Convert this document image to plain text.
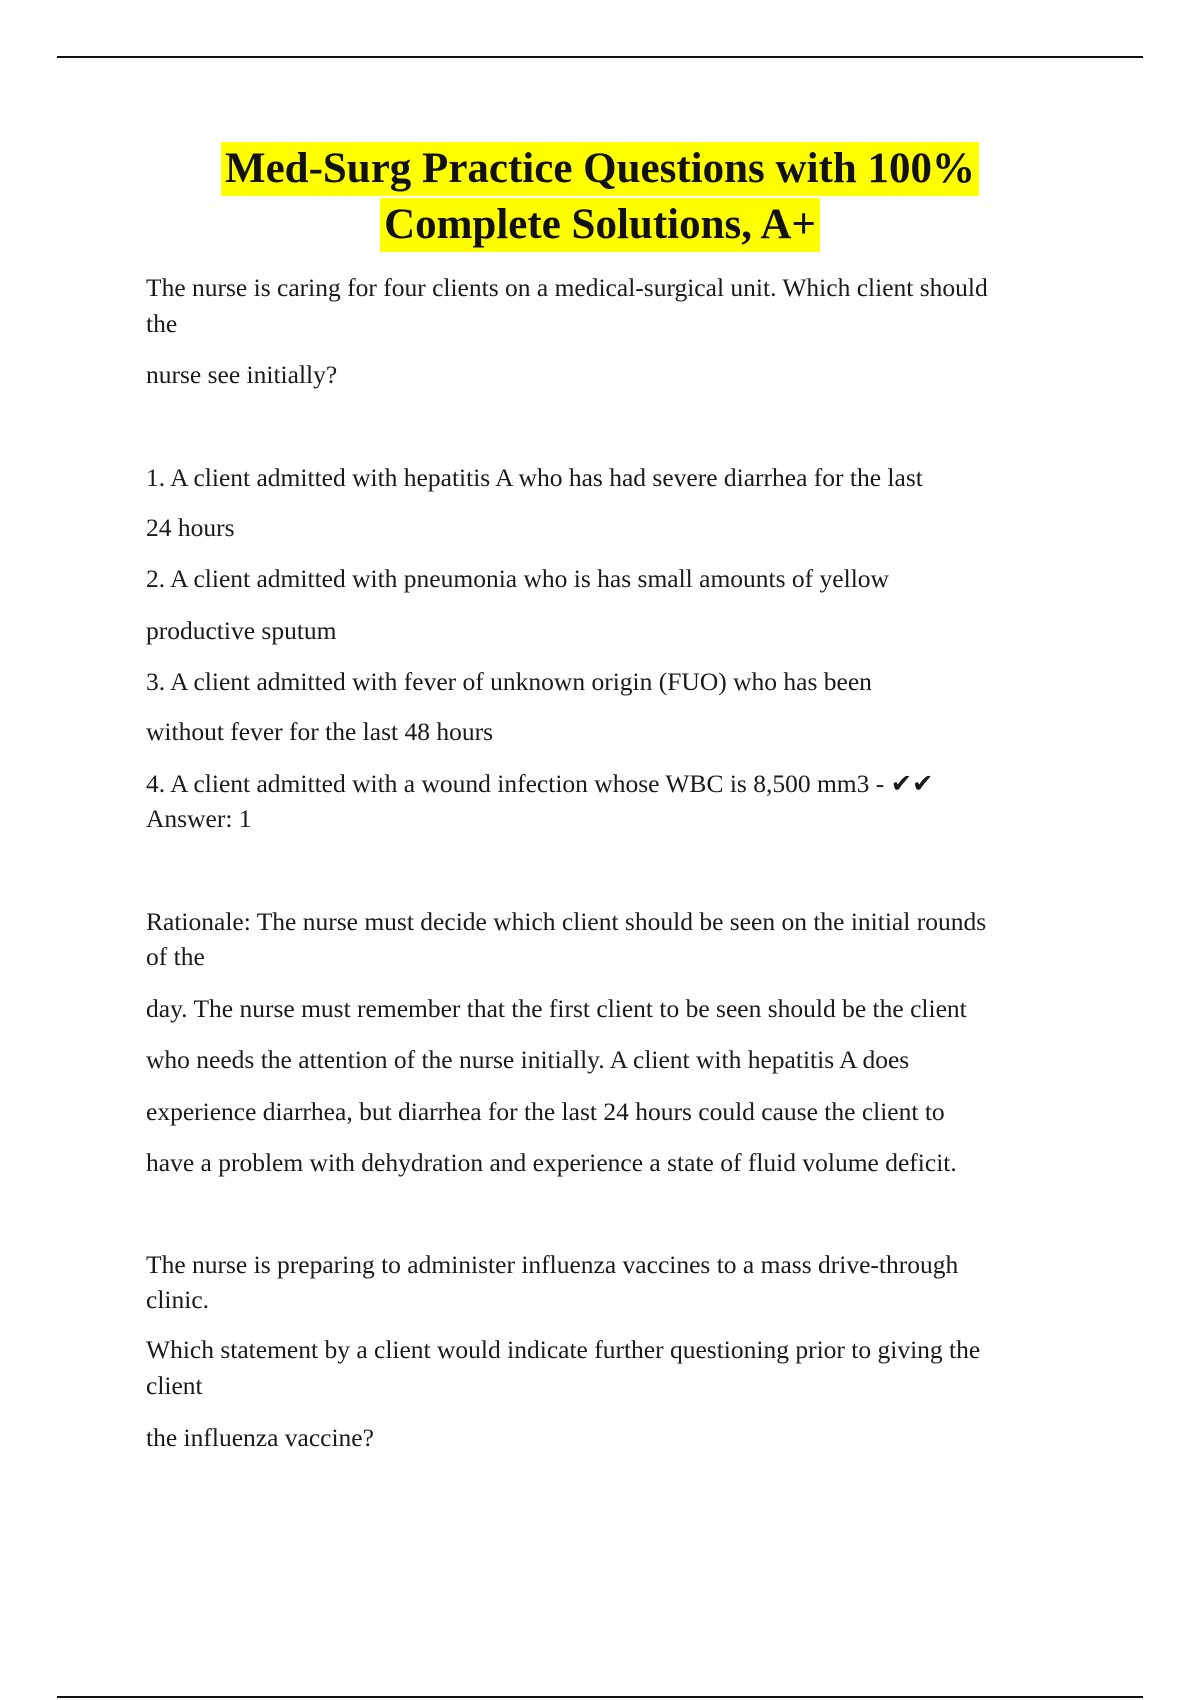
Med-Surg Practice Questions with 100%
Complete Solutions, A+
The nurse is caring for four clients on a medical-surgical unit. Which client should
the
nurse see initially?
1. A client admitted with hepatitis A who has had severe diarrhea for the last
24 hours
2. A client admitted with pneumonia who is has small amounts of yellow
productive sputum
3. A client admitted with fever of unknown origin (FUO) who has been
without fever for the last 48 hours
4. A client admitted with a wound infection whose WBC is 8,500 mm3 - ✔✔
Answer: 1
Rationale: The nurse must decide which client should be seen on the initial rounds
of the
day. The nurse must remember that the first client to be seen should be the client
who needs the attention of the nurse initially. A client with hepatitis A does
experience diarrhea, but diarrhea for the last 24 hours could cause the client to
have a problem with dehydration and experience a state of fluid volume deficit.
The nurse is preparing to administer influenza vaccines to a mass drive-through
clinic.
Which statement by a client would indicate further questioning prior to giving the
client
the influenza vaccine?
